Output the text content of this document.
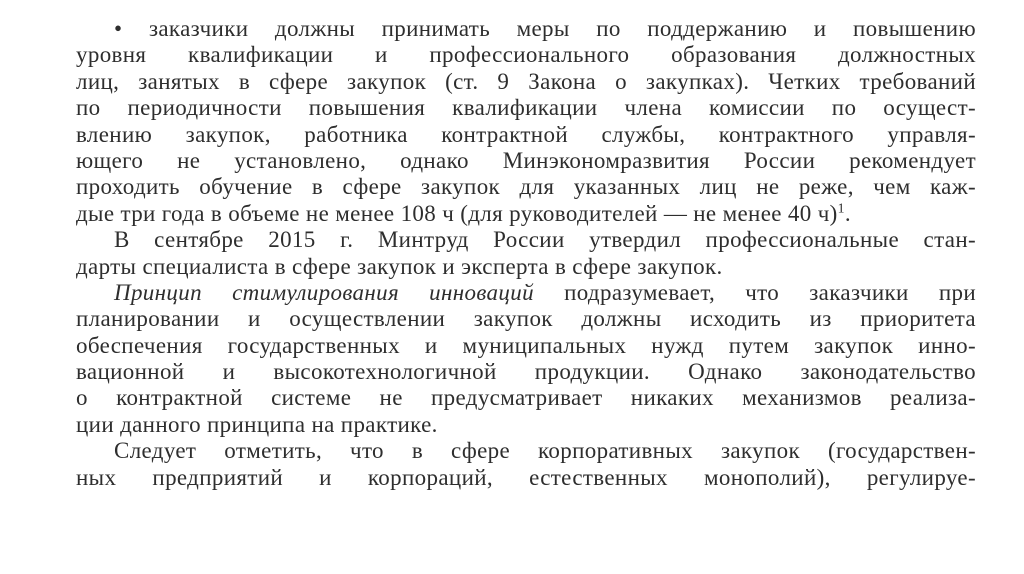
• заказчики должны принимать меры по поддержанию и повышению
уровня квалификации и профессионального образования должностных
лиц, занятых в сфере закупок (ст. 9 Закона о закупках). Четких требований
по периодичности повышения квалификации члена комиссии по осущест-
влению закупок, работника контрактной службы, контрактного управля-
ющего не установлено, однако Минэкономразвития России рекомендует
проходить обучение в сфере закупок для указанных лиц не реже, чем каж-
дые три года в объеме не менее 108 ч (для руководителей — не менее 40 ч)$^1$.
В сентябре 2015 г. Минтруд России утвердил профессиональные стан-
дарты специалиста в сфере закупок и эксперта в сфере закупок.
Принцип стимулирования инноваций подразумевает, что заказчики при
планировании и осуществлении закупок должны исходить из приоритета
обеспечения государственных и муниципальных нужд путем закупок инно-
вационной и высокотехнологичной продукции. Однако законодательство
о контрактной системе не предусматривает никаких механизмов реализа-
ции данного принципа на практике.
Следует отметить, что в сфере корпоративных закупок (государствен-
ных предприятий и корпораций, естественных монополий), регулируе-
